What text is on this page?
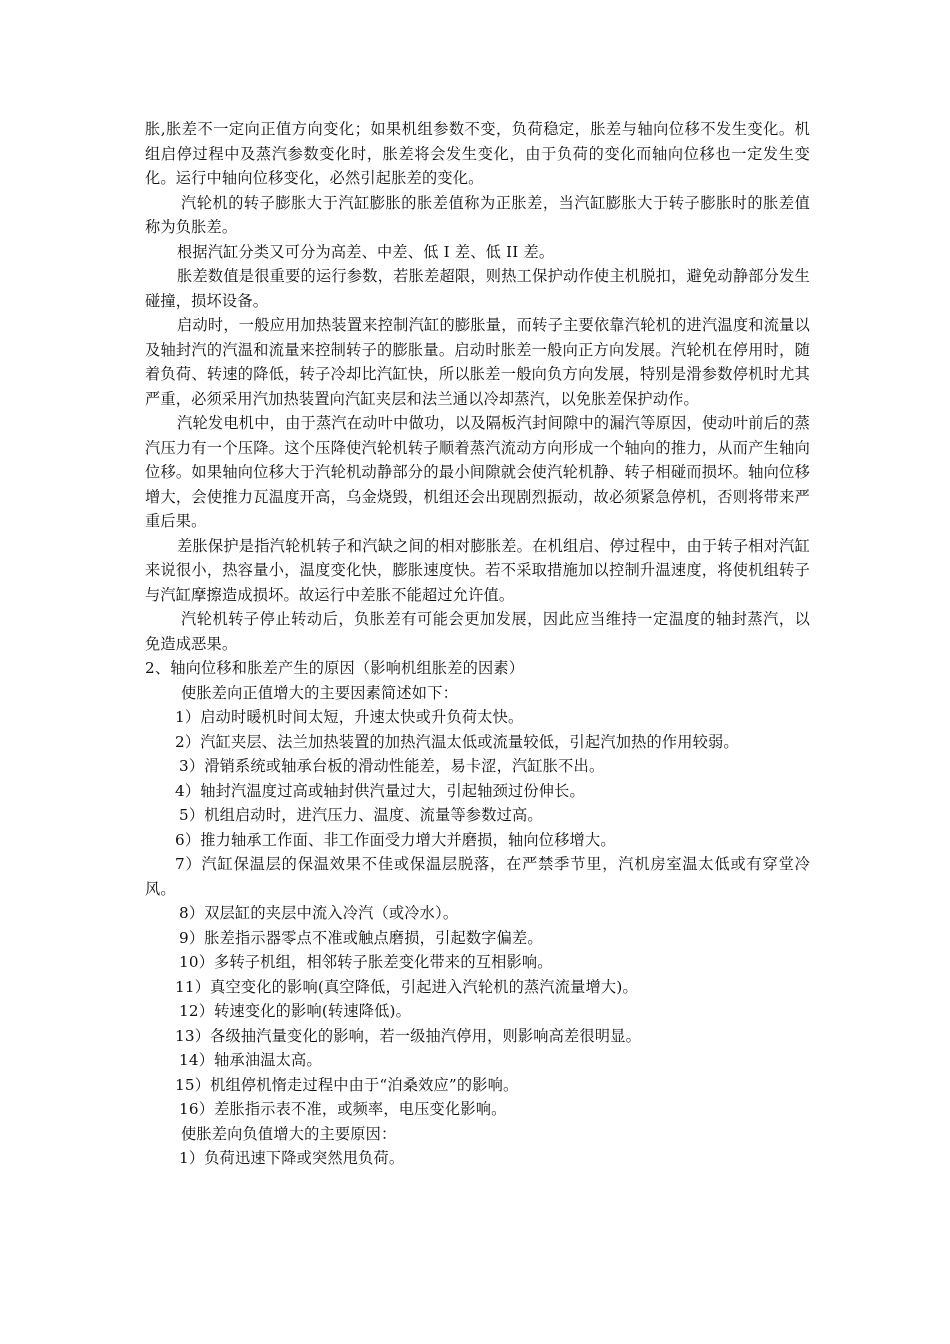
胀,胀差不一定向正值方向变化；如果机组参数不变，负荷稳定，胀差与轴向位移不发生变化。机组启停过程中及蒸汽参数变化时，胀差将会发生变化，由于负荷的变化而轴向位移也一定发生变化。运行中轴向位移变化，必然引起胀差的变化。

汽轮机的转子膨胀大于汽缸膨胀的胀差值称为正胀差，当汽缸膨胀大于转子膨胀时的胀差值称为负胀差。

根据汽缸分类又可分为高差、中差、低 I 差、低 II 差。

胀差数值是很重要的运行参数，若胀差超限，则热工保护动作使主机脱扣，避免动静部分发生碰撞，损坏设备。

启动时，一般应用加热装置来控制汽缸的膨胀量，而转子主要依靠汽轮机的进汽温度和流量以及轴封汽的汽温和流量来控制转子的膨胀量。启动时胀差一般向正方向发展。汽轮机在停用时，随着负荷、转速的降低，转子冷却比汽缸快，所以胀差一般向负方向发展，特别是滑参数停机时尤其严重，必须采用汽加热装置向汽缸夹层和法兰通以冷却蒸汽，以免胀差保护动作。

汽轮发电机中，由于蒸汽在动叶中做功，以及隔板汽封间隙中的漏汽等原因，使动叶前后的蒸汽压力有一个压降。这个压降使汽轮机转子顺着蒸汽流动方向形成一个轴向的推力，从而产生轴向位移。如果轴向位移大于汽轮机动静部分的最小间隙就会使汽轮机静、转子相碰而损坏。轴向位移增大，会使推力瓦温度开高，乌金烧毁，机组还会出现剧烈振动，故必须紧急停机，否则将带来严重后果。

差胀保护是指汽轮机转子和汽缺之间的相对膨胀差。在机组启、停过程中，由于转子相对汽缸来说很小，热容量小，温度变化快，膨胀速度快。若不采取措施加以控制升温速度，将使机组转子与汽缸摩擦造成损坏。故运行中差胀不能超过允许值。

汽轮机转子停止转动后，负胀差有可能会更加发展，因此应当维持一定温度的轴封蒸汽，以免造成恶果。

2、轴向位移和胀差产生的原因（影响机组胀差的因素）

使胀差向正值增大的主要因素简述如下：

1）启动时暖机时间太短，升速太快或升负荷太快。

2）汽缸夹层、法兰加热装置的加热汽温太低或流量较低，引起汽加热的作用较弱。

3）滑销系统或轴承台板的滑动性能差，易卡涩，汽缸胀不出。

4）轴封汽温度过高或轴封供汽量过大，引起轴颈过份伸长。

5）机组启动时，进汽压力、温度、流量等参数过高。

6）推力轴承工作面、非工作面受力增大并磨损，轴向位移增大。

7）汽缸保温层的保温效果不佳或保温层脱落，在严禁季节里，汽机房室温太低或有穿堂冷风。

8）双层缸的夹层中流入冷汽（或冷水）。

9）胀差指示器零点不准或触点磨损，引起数字偏差。

10）多转子机组，相邻转子胀差变化带来的互相影响。

11）真空变化的影响(真空降低，引起进入汽轮机的蒸汽流量增大)。

12）转速变化的影响(转速降低)。

13）各级抽汽量变化的影响，若一级抽汽停用，则影响高差很明显。

14）轴承油温太高。

15）机组停机惰走过程中由于“泊桑效应”的影响。

16）差胀指示表不准，或频率，电压变化影响。

使胀差向负值增大的主要原因：

1）负荷迅速下降或突然甩负荷。
